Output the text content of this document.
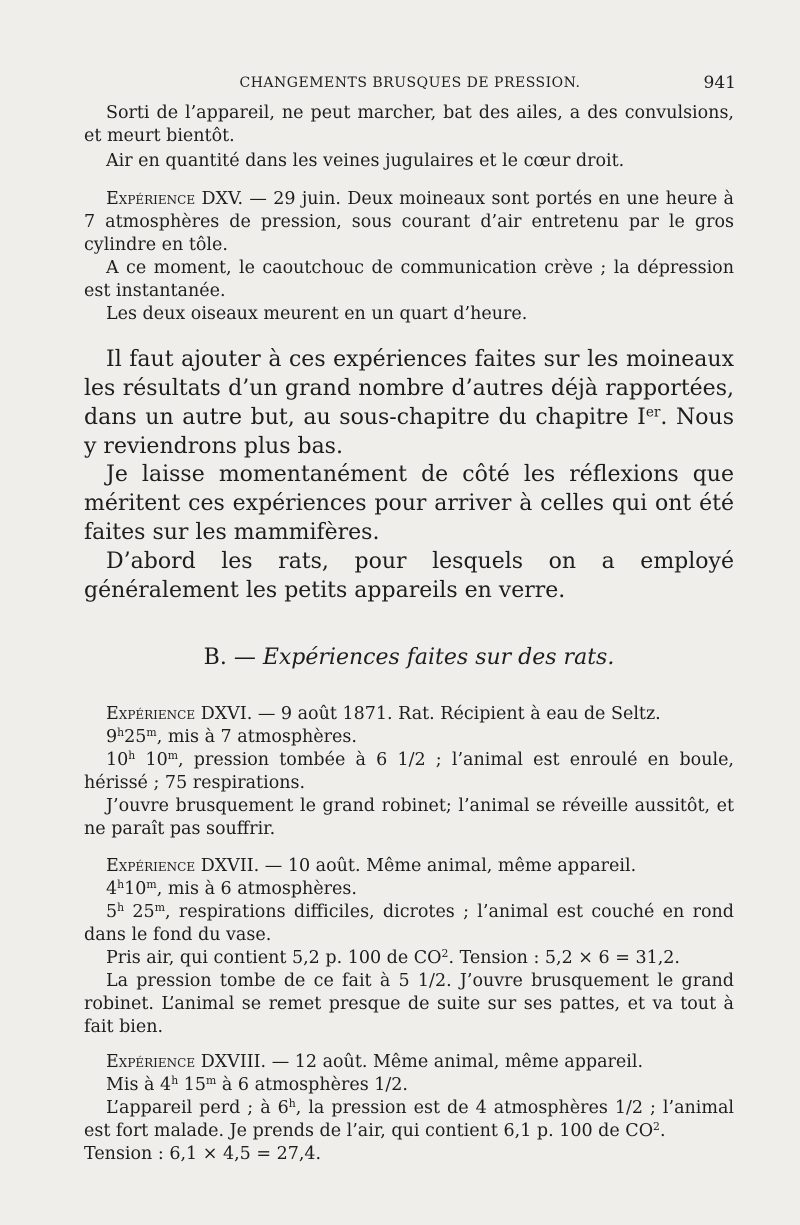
CHANGEMENTS BRUSQUES DE PRESSION.	941

Sorti de l’appareil, ne peut marcher, bat des ailes, a des convulsions, et meurt bientôt.

Air en quantité dans les veines jugulaires et le cœur droit.

Expérience DXV. — 29 juin. Deux moineaux sont portés en une heure à 7 atmosphères de pression, sous courant d’air entretenu par le gros cylindre en tôle.

A ce moment, le caoutchouc de communication crève ; la dépression est instantanée.

Les deux oiseaux meurent en un quart d’heure.

Il faut ajouter à ces expériences faites sur les moineaux les résultats d’un grand nombre d’autres déjà rapportées, dans un autre but, au sous-chapitre du chapitre Ier. Nous y reviendrons plus bas.

Je laisse momentanément de côté les réflexions que méritent ces expériences pour arriver à celles qui ont été faites sur les mammifères.

D’abord les rats, pour lesquels on a employé généralement les petits appareils en verre.

B. — Expériences faites sur des rats.

Expérience DXVI. — 9 août 1871. Rat. Récipient à eau de Seltz.

9$^h$25$^m$, mis à 7 atmosphères.

10$^h$ 10$^m$, pression tombée à 6 1/2 ; l’animal est enroulé en boule, hérissé ; 75 respirations.

J’ouvre brusquement le grand robinet; l’animal se réveille aussitôt, et ne paraît pas souffrir.

Expérience DXVII. — 10 août. Même animal, même appareil.

4$^h$10$^m$, mis à 6 atmosphères.

5$^h$ 25$^m$, respirations difficiles, dicrotes ; l’animal est couché en rond dans le fond du vase.

Pris air, qui contient 5,2 p. 100 de $CO^2$. Tension : 5,2 × 6 = 31,2.

La pression tombe de ce fait à 5 1/2. J’ouvre brusquement le grand robinet. L’animal se remet presque de suite sur ses pattes, et va tout à fait bien.

Expérience DXVIII. — 12 août. Même animal, même appareil.

Mis à 4$^h$ 15$^m$ à 6 atmosphères 1/2.

L’appareil perd ; à 6$^h$, la pression est de 4 atmosphères 1/2 ; l’animal est fort malade. Je prends de l’air, qui contient 6,1 p. 100 de $CO^2$.

Tension : 6,1 × 4,5 = 27,4.
